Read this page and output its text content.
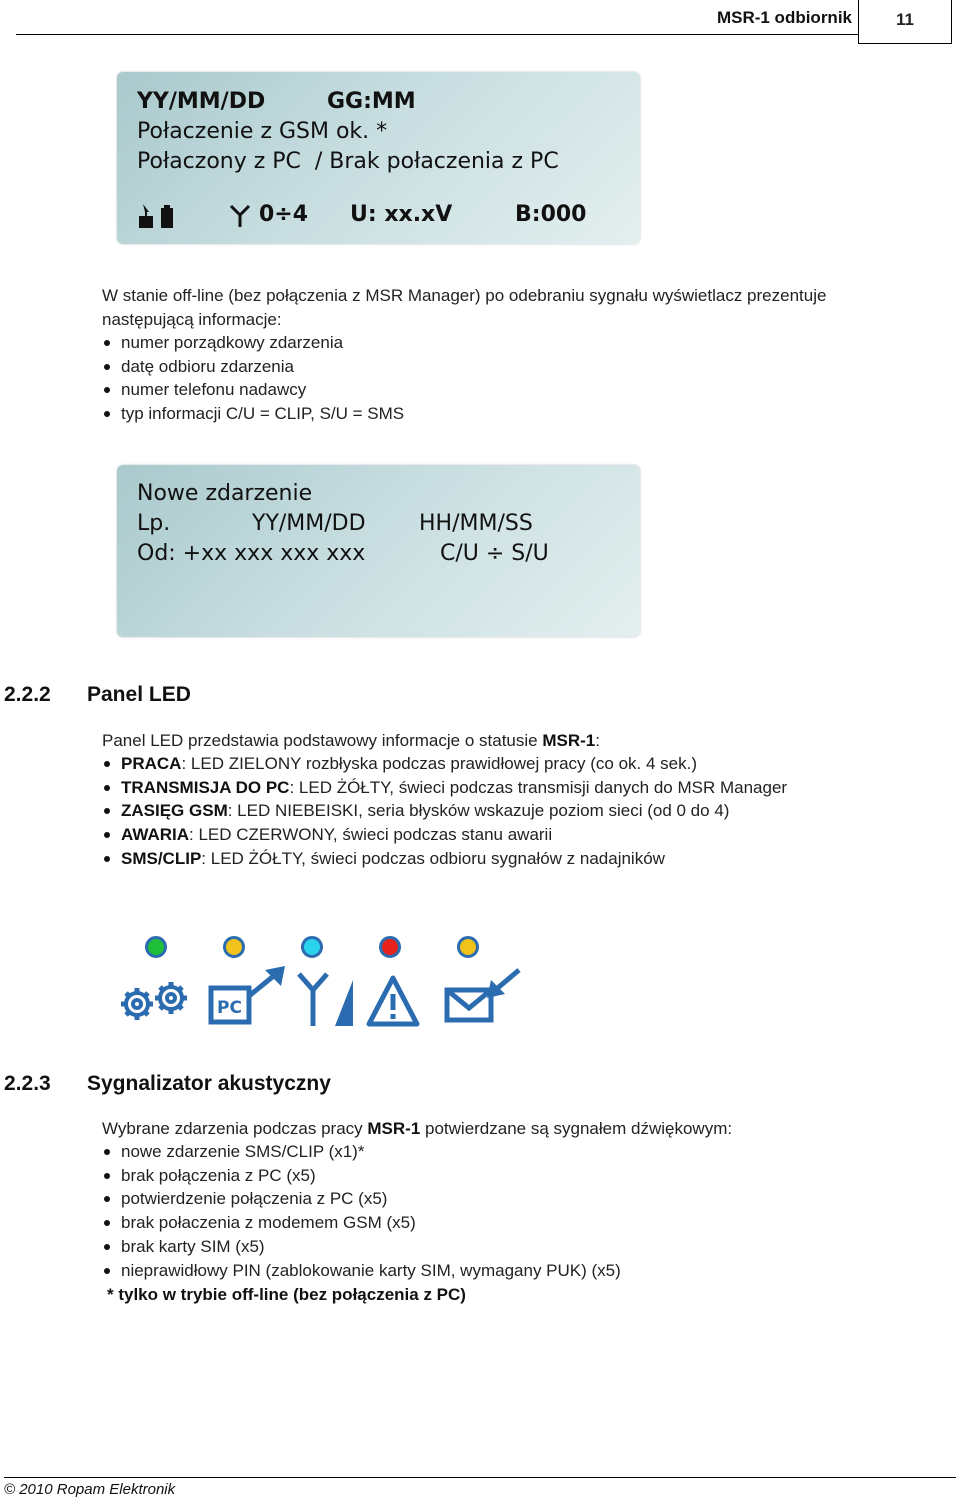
MSR-1 odbiornik	11
YY/MM/DD	GG:MM
Połaczenie z GSM ok. *
Połaczony z PC  / Brak połaczenia z PC
0÷4 U: xx.xV	B:000
W stanie off-line (bez połączenia z MSR Manager) po odebraniu sygnału wyświetlacz prezentuje
następującą informacje:
numer porządkowy zdarzenia
datę odbioru zdarzenia
numer telefonu nadawcy
typ informacji C/U = CLIP, S/U = SMS
Nowe zdarzenie
Lp.	YY/MM/DD HH/MM/SS
Od: +xx xxx xxx xxx	C/U ÷ S/U
2.2.2 Panel LED
Panel LED przedstawia podstawowy informacje o statusie MSR-1:
PRACA: LED ZIELONY rozbłyska podczas prawidłowej pracy (co ok. 4 sek.)
TRANSMISJA DO PC: LED ŻÓŁTY, świeci podczas transmisji danych do MSR Manager
ZASIĘG GSM: LED NIEBEISKI, seria błysków wskazuje poziom sieci (od 0 do 4)
AWARIA: LED CZERWONY, świeci podczas stanu awarii
SMS/CLIP: LED ŻÓŁTY, świeci podczas odbioru sygnałów z nadajników
PC
2.2.3 Sygnalizator akustyczny
Wybrane zdarzenia podczas pracy MSR-1 potwierdzane są sygnałem dźwiękowym:
nowe zdarzenie SMS/CLIP (x1)*
brak połączenia z PC (x5)
potwierdzenie połączenia z PC (x5)
brak połaczenia z modemem GSM (x5)
brak karty SIM (x5)
nieprawidłowy PIN (zablokowanie karty SIM, wymagany PUK) (x5)
* tylko w trybie off-line (bez połączenia z PC)
© 2010 Ropam Elektronik
